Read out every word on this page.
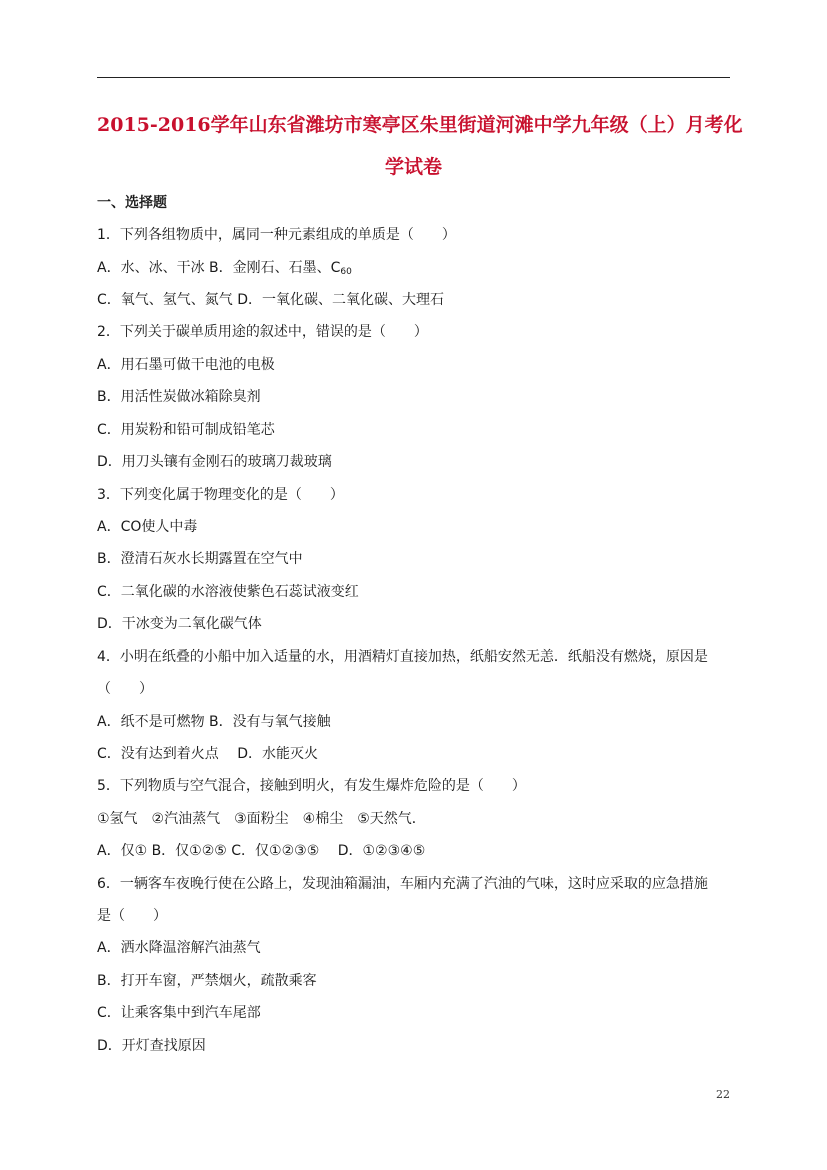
2015-2016学年山东省潍坊市寒亭区朱里街道河滩中学九年级（上）月考化
学试卷
一、选择题
1．下列各组物质中，属同一种元素组成的单质是（　　）
A．水、冰、干冰 B．金刚石、石墨、$C_{60}$
C．氧气、氢气、氮气 D．一氧化碳、二氧化碳、大理石
2．下列关于碳单质用途的叙述中，错误的是（　　）
A．用石墨可做干电池的电极
B．用活性炭做冰箱除臭剂
C．用炭粉和铅可制成铅笔芯
D．用刀头镶有金刚石的玻璃刀裁玻璃
3．下列变化属于物理变化的是（　　）
A．CO使人中毒
B．澄清石灰水长期露置在空气中
C．二氧化碳的水溶液使紫色石蕊试液变红
D．干冰变为二氧化碳气体
4．小明在纸叠的小船中加入适量的水，用酒精灯直接加热，纸船安然无恙．纸船没有燃烧，原因是
（　　）
A．纸不是可燃物 B．没有与氧气接触
C．没有达到着火点　 D．水能灭火
5．下列物质与空气混合，接触到明火，有发生爆炸危险的是（　　）
①氢气　②汽油蒸气　③面粉尘　④棉尘　⑤天然气．
A．仅① B．仅①②⑤ C．仅①②③⑤　 D．①②③④⑤
6．一辆客车夜晚行使在公路上，发现油箱漏油，车厢内充满了汽油的气味，这时应采取的应急措施
是（　　）
A．洒水降温溶解汽油蒸气
B．打开车窗，严禁烟火，疏散乘客
C．让乘客集中到汽车尾部
D．开灯查找原因
22
